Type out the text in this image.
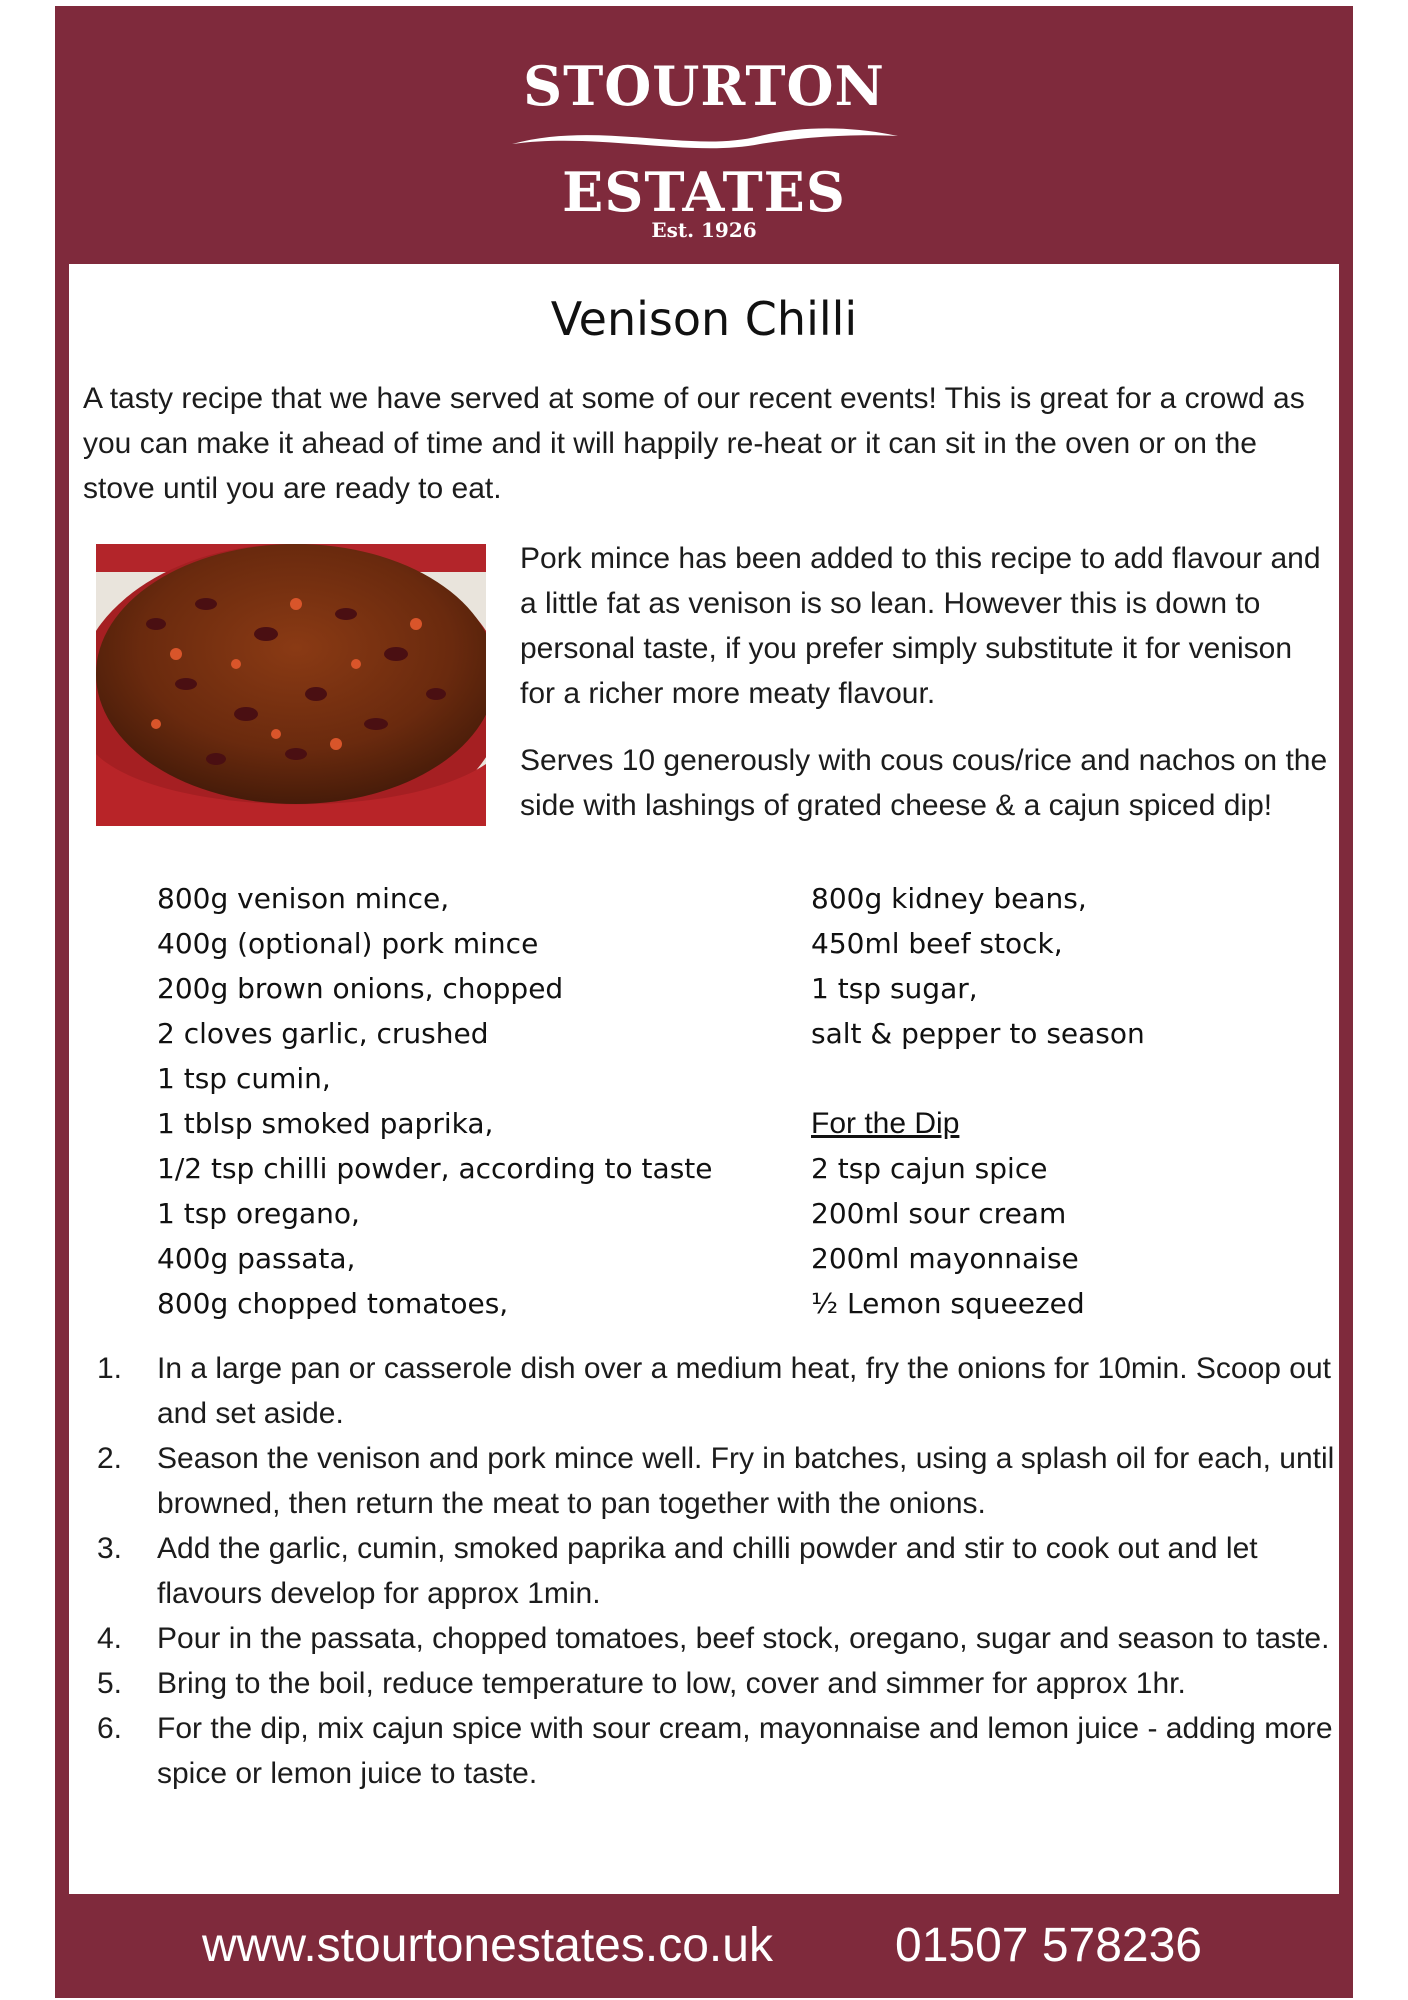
STOURTON
ESTATES
Est. 1926
Venison Chilli
A tasty recipe that we have served at some of our recent events! This is great for a crowd as you can make it ahead of time and it will happily re-heat or it can sit in the oven or on the stove until you are ready to eat.

Pork mince has been added to this recipe to add flavour and a little fat as venison is so lean. However this is down to personal taste, if you prefer simply substitute it for venison for a richer more meaty flavour.

Serves 10 generously with cous cous/rice and nachos on the side with lashings of grated cheese & a cajun spiced dip!

800g venison mince,
400g (optional) pork mince
200g brown onions, chopped
2 cloves garlic, crushed
1 tsp cumin,
1 tblsp smoked paprika,
1/2 tsp chilli powder, according to taste
1 tsp oregano,
400g passata,
800g chopped tomatoes,
800g kidney beans,
450ml beef stock,
1 tsp sugar,
salt & pepper to season
For the Dip
2 tsp cajun spice
200ml sour cream
200ml mayonnaise
½ Lemon squeezed
1.	In a large pan or casserole dish over a medium heat, fry the onions for 10min. Scoop out and set aside.
2.	Season the venison and pork mince well. Fry in batches, using a splash oil for each, until browned, then return the meat to pan together with the onions.
3.	Add the garlic, cumin, smoked paprika and chilli powder and stir to cook out and let flavours develop for approx 1min.
4.	Pour in the passata, chopped tomatoes, beef stock, oregano, sugar and season to taste.
5.	Bring to the boil, reduce temperature to low, cover and simmer for approx 1hr.
6.	For the dip, mix cajun spice with sour cream, mayonnaise and lemon juice - adding more spice or lemon juice to taste.
www.stourtonestates.co.uk	01507 578236
